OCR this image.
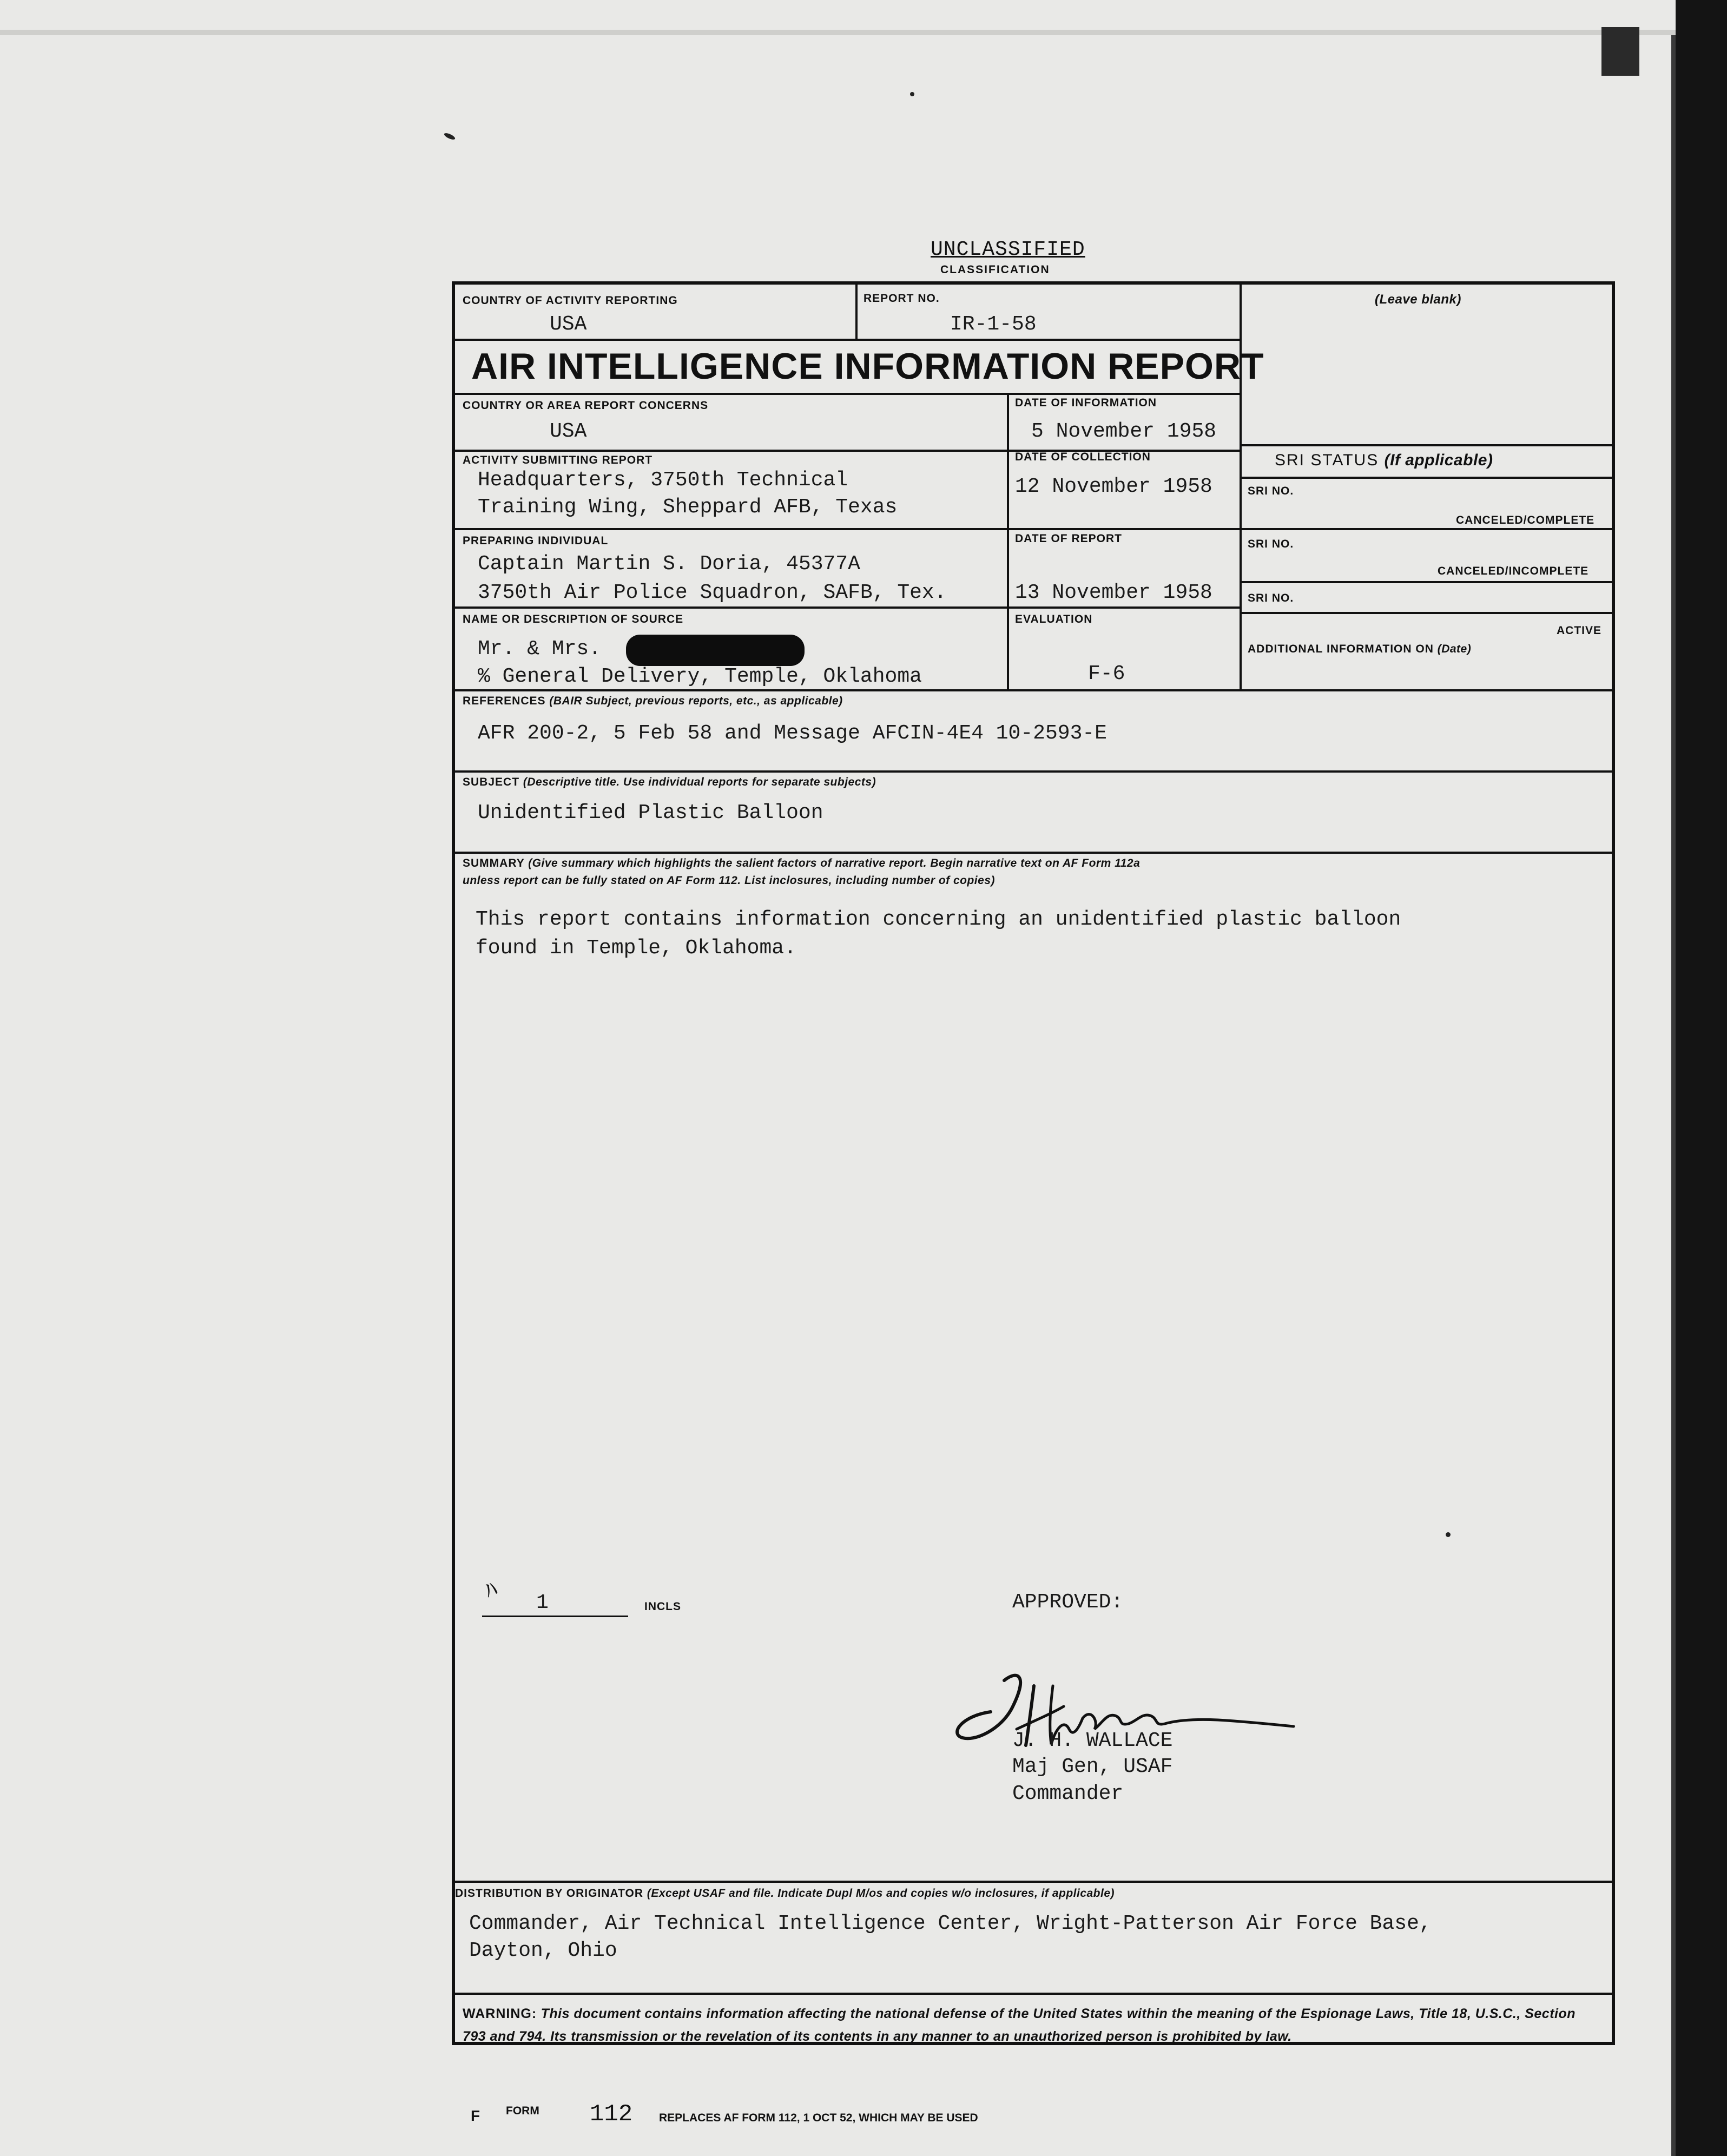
UNCLASSIFIED
CLASSIFICATION
COUNTRY OF ACTIVITY REPORTING
USA
REPORT NO.
IR-1-58
(Leave blank)
AIR INTELLIGENCE INFORMATION REPORT
COUNTRY OR AREA REPORT CONCERNS
USA
DATE OF INFORMATION
5 November 1958
ACTIVITY SUBMITTING REPORT
Headquarters, 3750th Technical
Training Wing, Sheppard AFB, Texas
DATE OF COLLECTION
12 November 1958
PREPARING INDIVIDUAL
Captain Martin S. Doria, 45377A
3750th Air Police Squadron, SAFB, Tex.
DATE OF REPORT
13 November 1958
NAME OR DESCRIPTION OF SOURCE
Mr. & Mrs.
% General Delivery, Temple, Oklahoma
EVALUATION
F-6
SRI STATUS (If applicable)
SRI NO.
CANCELED/COMPLETE
SRI NO.
CANCELED/INCOMPLETE
SRI NO.
ACTIVE
ADDITIONAL INFORMATION ON (Date)
REFERENCES (BAIR Subject, previous reports, etc., as applicable)
AFR 200-2, 5 Feb 58 and Message AFCIN-4E4 10-2593-E
SUBJECT (Descriptive title. Use individual reports for separate subjects)
Unidentified Plastic Balloon
SUMMARY (Give summary which highlights the salient factors of narrative report. Begin narrative text on AF Form 112a
unless report can be fully stated on AF Form 112. List inclosures, including number of copies)
This report contains information concerning an unidentified plastic balloon
found in Temple, Oklahoma.
ﾊ 1	INCLS	APPROVED:
J. H. WALLACE
Maj Gen, USAF
Commander
DISTRIBUTION BY ORIGINATOR (Except USAF and file. Indicate Dupl M/os and copies w/o inclosures, if applicable)
Commander, Air Technical Intelligence Center, Wright-Patterson Air Force Base,
Dayton, Ohio
WARNING: This document contains information affecting the national defense of the United States within the meaning of the Espionage Laws, Title 18, U.S.C., Section 793 and 794. Its transmission or the revelation of its contents in any manner to an unauthorized person is prohibited by law.
F FORM 112 REPLACES AF FORM 112, 1 OCT 52, WHICH MAY BE USED
